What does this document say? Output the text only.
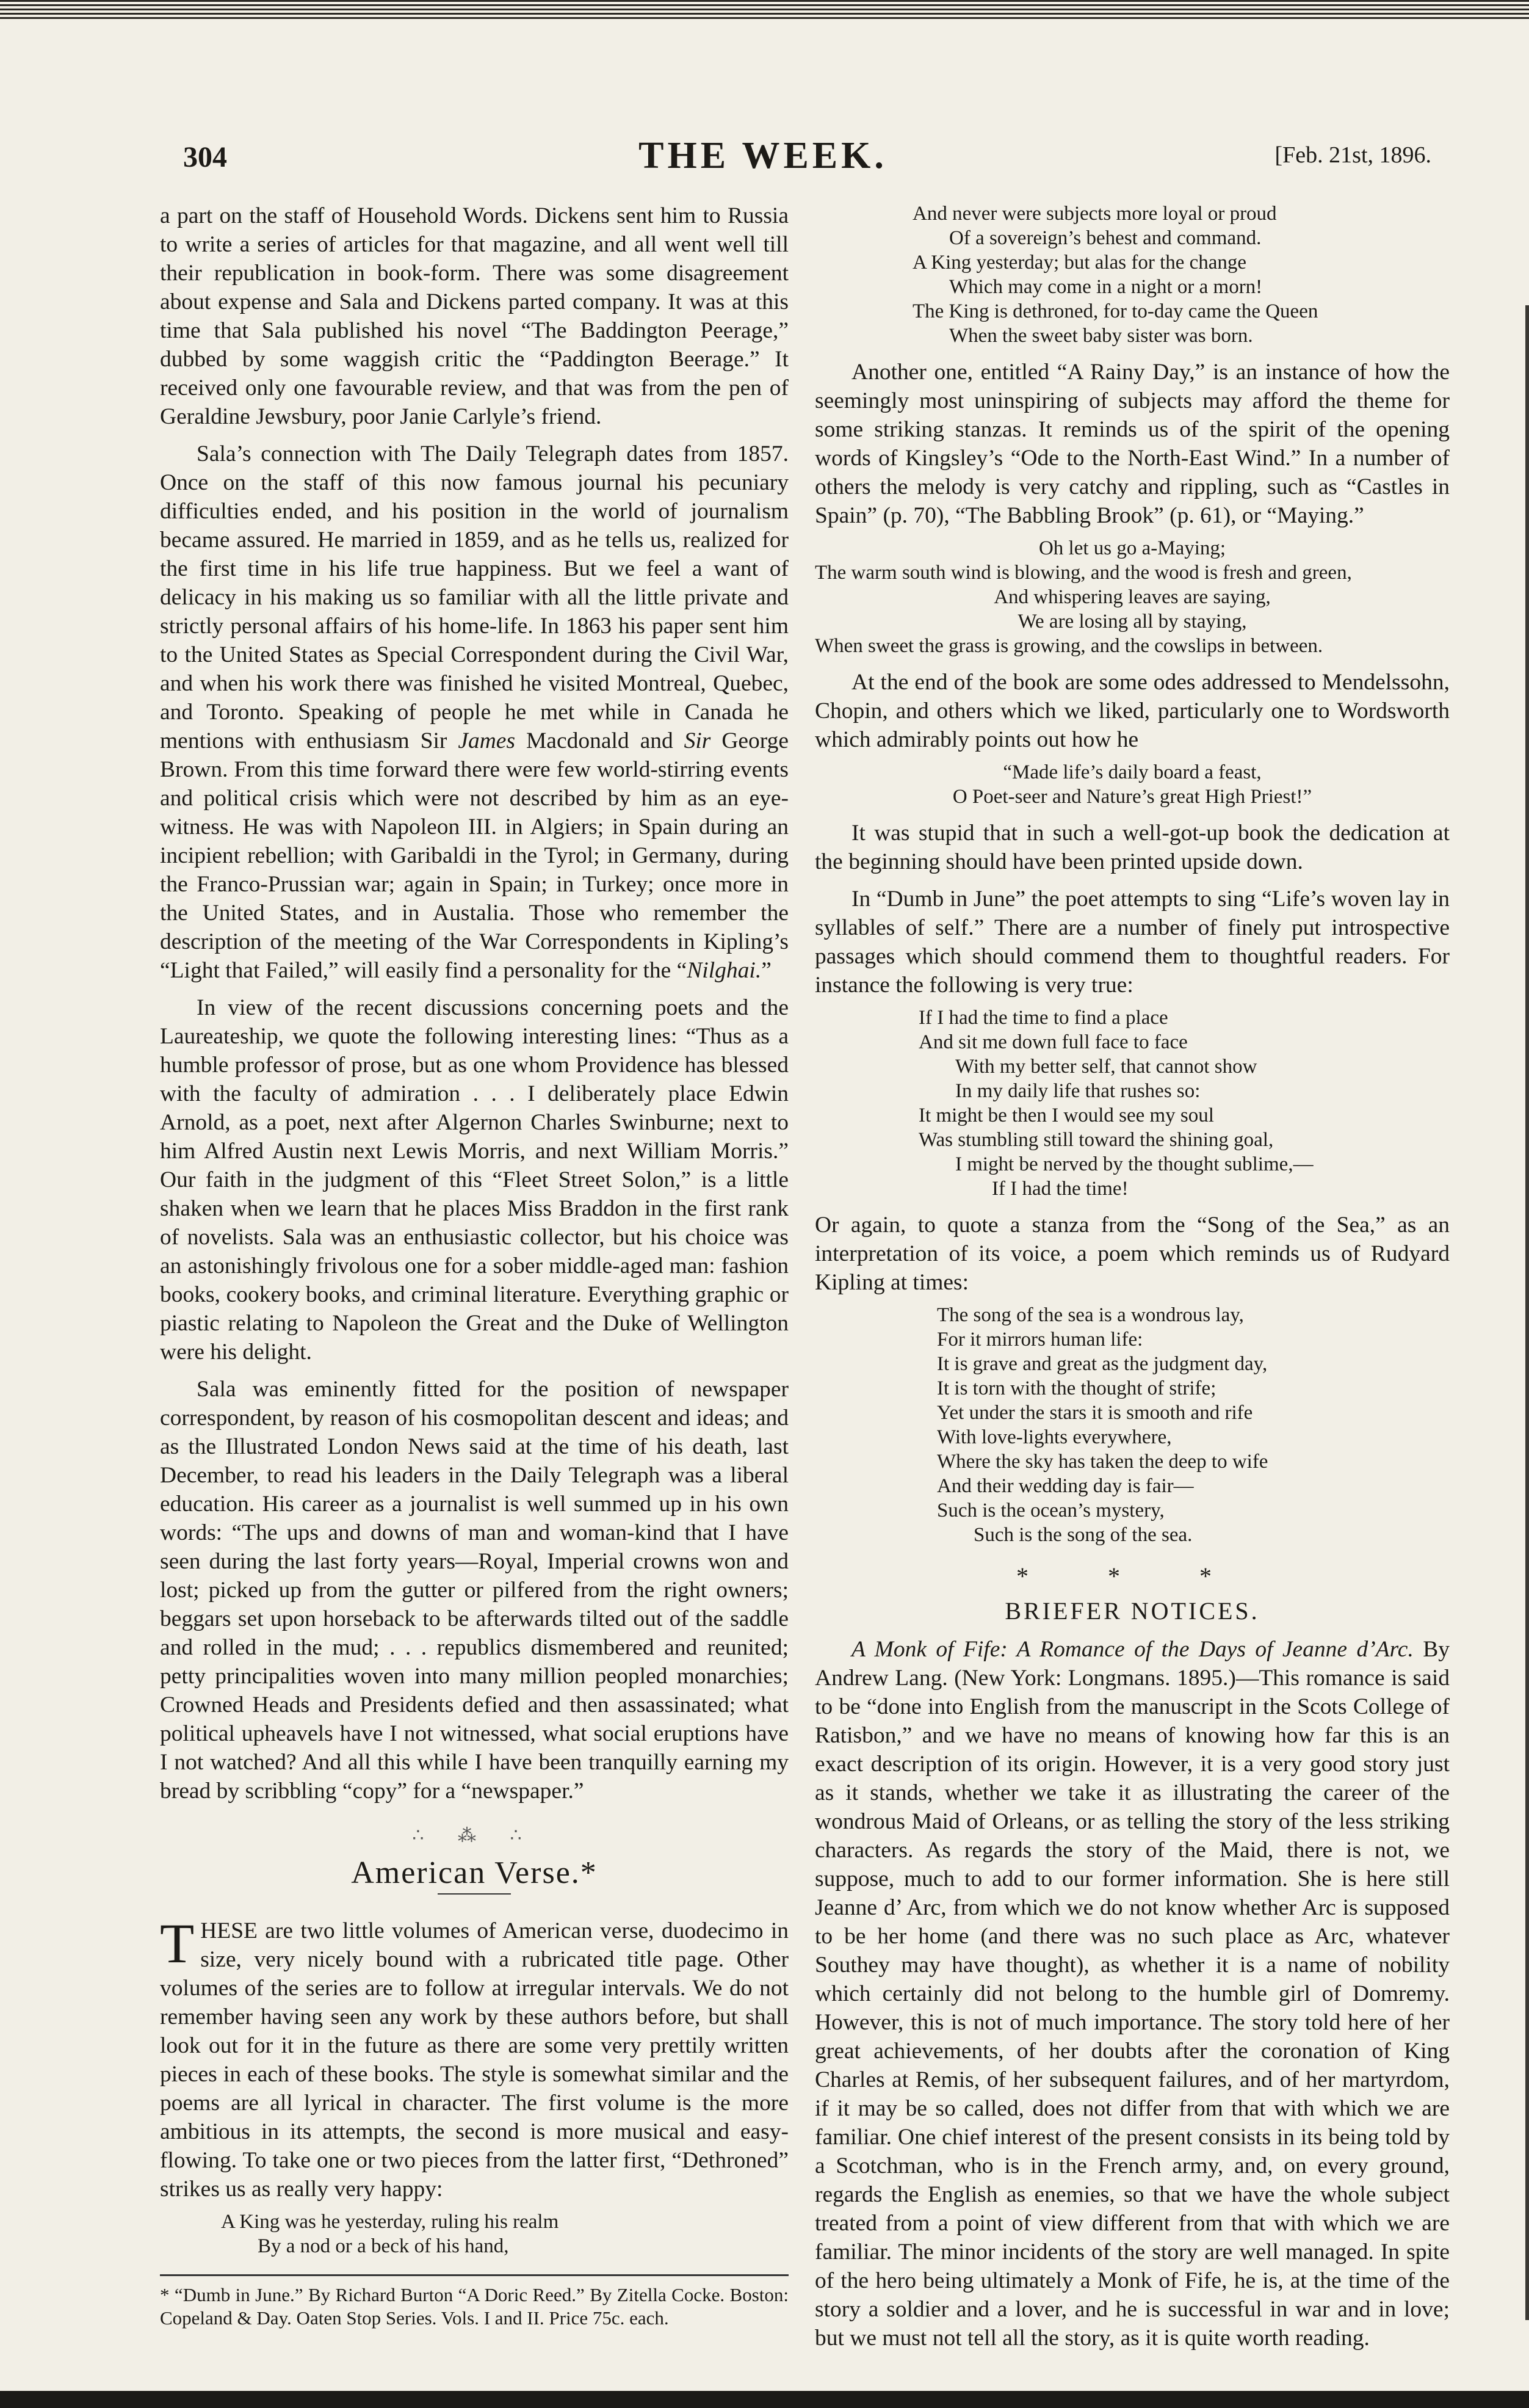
304	THE WEEK.	[Feb. 21st, 1896.

a part on the staff of Household Words. Dickens sent him to Russia to write a series of articles for that magazine, and all went well till their republication in book-form. There was some disagreement about expense and Sala and Dickens parted company. It was at this time that Sala published his novel “The Baddington Peerage,” dubbed by some waggish critic the “Paddington Beerage.” It received only one favourable review, and that was from the pen of Geraldine Jewsbury, poor Janie Carlyle’s friend.

Sala’s connection with The Daily Telegraph dates from 1857. Once on the staff of this now famous journal his pecuniary difficulties ended, and his position in the world of journalism became assured. He married in 1859, and as he tells us, realized for the first time in his life true happiness. But we feel a want of delicacy in his making us so familiar with all the little private and strictly personal affairs of his home-life. In 1863 his paper sent him to the United States as Special Correspondent during the Civil War, and when his work there was finished he visited Montreal, Quebec, and Toronto. Speaking of people he met while in Canada he mentions with enthusiasm Sir James Macdonald and Sir George Brown. From this time forward there were few world-stirring events and political crisis which were not described by him as an eye-witness. He was with Napoleon III. in Algiers; in Spain during an incipient rebellion; with Garibaldi in the Tyrol; in Germany, during the Franco-Prussian war; again in Spain; in Turkey; once more in the United States, and in Austalia. Those who remember the description of the meeting of the War Correspondents in Kipling’s “Light that Failed,” will easily find a personality for the “Nilghai.”

In view of the recent discussions concerning poets and the Laureateship, we quote the following interesting lines: “Thus as a humble professor of prose, but as one whom Providence has blessed with the faculty of admiration . . . I deliberately place Edwin Arnold, as a poet, next after Algernon Charles Swinburne; next to him Alfred Austin next Lewis Morris, and next William Morris.” Our faith in the judgment of this “Fleet Street Solon,” is a little shaken when we learn that he places Miss Braddon in the first rank of novelists. Sala was an enthusiastic collector, but his choice was an astonishingly frivolous one for a sober middle-aged man: fashion books, cookery books, and criminal literature. Everything graphic or piastic relating to Napoleon the Great and the Duke of Wellington were his delight.

Sala was eminently fitted for the position of newspaper correspondent, by reason of his cosmopolitan descent and ideas; and as the Illustrated London News said at the time of his death, last December, to read his leaders in the Daily Telegraph was a liberal education. His career as a journalist is well summed up in his own words: “The ups and downs of man and woman-kind that I have seen during the last forty years—Royal, Imperial crowns won and lost; picked up from the gutter or pilfered from the right owners; beggars set upon horseback to be afterwards tilted out of the saddle and rolled in the mud; . . . republics dismembered and reunited; petty principalities woven into many million peopled monarchies; Crowned Heads and Presidents defied and then assassinated; what political upheavels have I not witnessed, what social eruptions have I not watched? And all this while I have been tranquilly earning my bread by scribbling “copy” for a “newspaper.”

∴ ⁂ ∴
American Verse.*

THESE are two little volumes of American verse, duodecimo in size, very nicely bound with a rubricated title page. Other volumes of the series are to follow at irregular intervals. We do not remember having seen any work by these authors before, but shall look out for it in the future as there are some very prettily written pieces in each of these books. The style is somewhat similar and the poems are all lyrical in character. The first volume is the more ambitious in its attempts, the second is more musical and easy-flowing. To take one or two pieces from the latter first, “Dethroned” strikes us as really very happy:

A King was he yesterday, ruling his realm
By a nod or a beck of his hand,
* “Dumb in June.” By Richard Burton “A Doric Reed.” By Zitella Cocke. Boston: Copeland & Day. Oaten Stop Series. Vols. I and II. Price 75c. each.
And never were subjects more loyal or proud
Of a sovereign’s behest and command.
A King yesterday; but alas for the change
Which may come in a night or a morn!
The King is dethroned, for to-day came the Queen
When the sweet baby sister was born.

Another one, entitled “A Rainy Day,” is an instance of how the seemingly most uninspiring of subjects may afford the theme for some striking stanzas. It reminds us of the spirit of the opening words of Kingsley’s “Ode to the North-East Wind.” In a number of others the melody is very catchy and rippling, such as “Castles in Spain” (p. 70), “The Babbling Brook” (p. 61), or “Maying.”

Oh let us go a-Maying;
The warm south wind is blowing, and the wood is fresh and green,
And whispering leaves are saying,
We are losing all by staying,
When sweet the grass is growing, and the cowslips in between.

At the end of the book are some odes addressed to Mendelssohn, Chopin, and others which we liked, particularly one to Wordsworth which admirably points out how he

“Made life’s daily board a feast,
O Poet-seer and Nature’s great High Priest!”

It was stupid that in such a well-got-up book the dedication at the beginning should have been printed upside down.

In “Dumb in June” the poet attempts to sing “Life’s woven lay in syllables of self.” There are a number of finely put introspective passages which should commend them to thoughtful readers. For instance the following is very true:

If I had the time to find a place
And sit me down full face to face
With my better self, that cannot show
In my daily life that rushes so:
It might be then I would see my soul
Was stumbling still toward the shining goal,
I might be nerved by the thought sublime,—
If I had the time!

Or again, to quote a stanza from the “Song of the Sea,” as an interpretation of its voice, a poem which reminds us of Rudyard Kipling at times:

The song of the sea is a wondrous lay,
For it mirrors human life:
It is grave and great as the judgment day,
It is torn with the thought of strife;
Yet under the stars it is smooth and rife
With love-lights everywhere,
Where the sky has taken the deep to wife
And their wedding day is fair—
Such is the ocean’s mystery,
Such is the song of the sea.
* * *
BRIEFER NOTICES.

A Monk of Fife: A Romance of the Days of Jeanne d’Arc. By Andrew Lang. (New York: Longmans. 1895.)—This romance is said to be “done into English from the manuscript in the Scots College of Ratisbon,” and we have no means of knowing how far this is an exact description of its origin. However, it is a very good story just as it stands, whether we take it as illustrating the career of the wondrous Maid of Orleans, or as telling the story of the less striking characters. As regards the story of the Maid, there is not, we suppose, much to add to our former information. She is here still Jeanne d’ Arc, from which we do not know whether Arc is supposed to be her home (and there was no such place as Arc, whatever Southey may have thought), as whether it is a name of nobility which certainly did not belong to the humble girl of Domremy. However, this is not of much importance. The story told here of her great achievements, of her doubts after the coronation of King Charles at Remis, of her subsequent failures, and of her martyrdom, if it may be so called, does not differ from that with which we are familiar. One chief interest of the present consists in its being told by a Scotchman, who is in the French army, and, on every ground, regards the English as enemies, so that we have the whole subject treated from a point of view different from that with which we are familiar. The minor incidents of the story are well managed. In spite of the hero being ultimately a Monk of Fife, he is, at the time of the story a soldier and a lover, and he is successful in war and in love; but we must not tell all the story, as it is quite worth reading.
